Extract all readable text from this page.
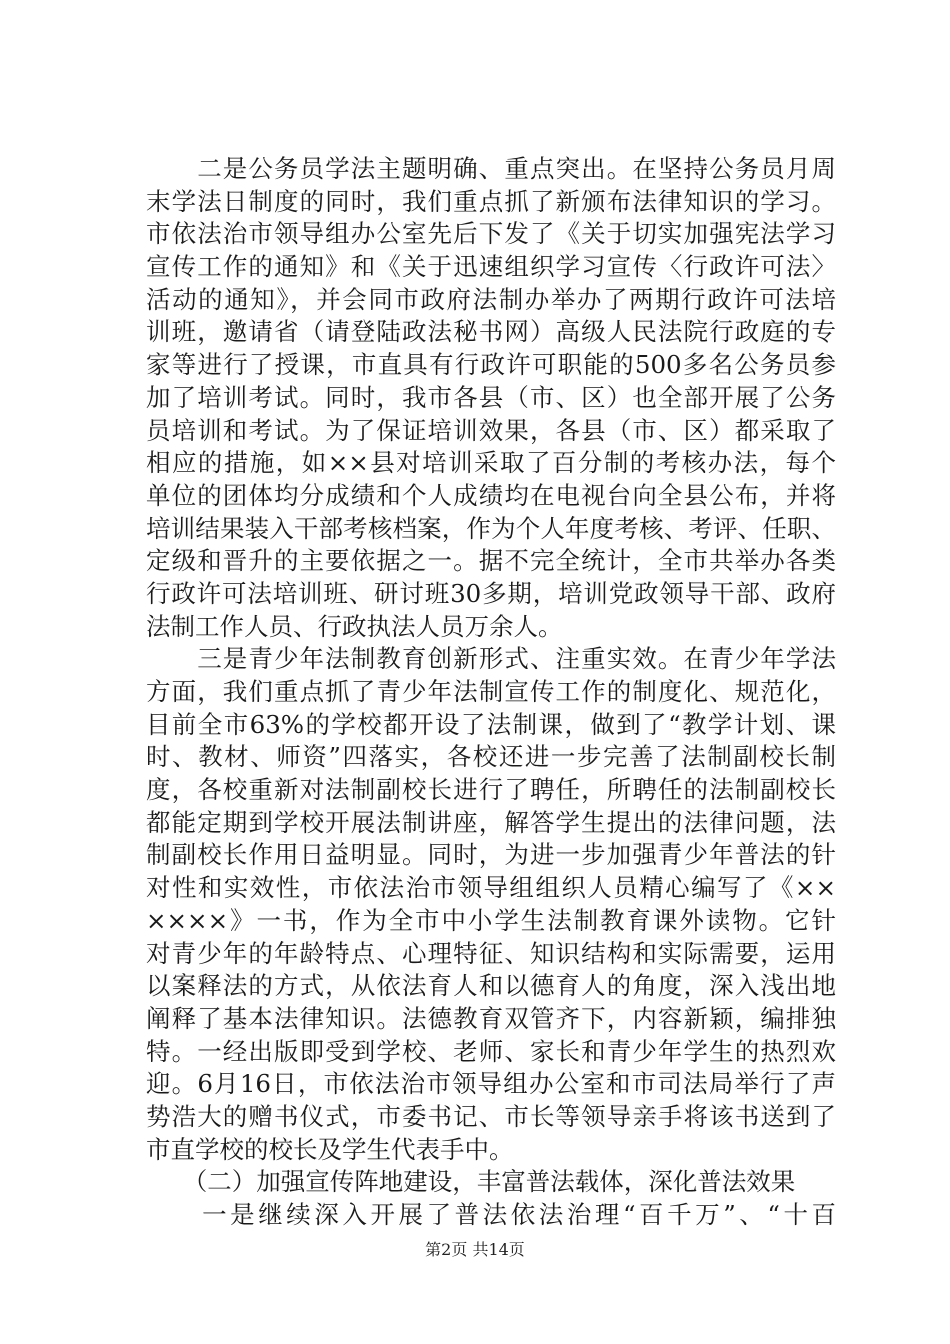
　　二是公务员学法主题明确、重点突出。在坚持公务员月周
末学法日制度的同时，我们重点抓了新颁布法律知识的学习。
市依法治市领导组办公室先后下发了《关于切实加强宪法学习
宣传工作的通知》和《关于迅速组织学习宣传〈行政许可法〉
活动的通知》，并会同市政府法制办举办了两期行政许可法培
训班，邀请省（请登陆政法秘书网）高级人民法院行政庭的专
家等进行了授课，市直具有行政许可职能的500多名公务员参
加了培训考试。同时，我市各县（市、区）也全部开展了公务
员培训和考试。为了保证培训效果，各县（市、区）都采取了
相应的措施，如××县对培训采取了百分制的考核办法，每个
单位的团体均分成绩和个人成绩均在电视台向全县公布，并将
培训结果装入干部考核档案，作为个人年度考核、考评、任职、
定级和晋升的主要依据之一。据不完全统计，全市共举办各类
行政许可法培训班、研讨班30多期，培训党政领导干部、政府
法制工作人员、行政执法人员万余人。
　　三是青少年法制教育创新形式、注重实效。在青少年学法
方面，我们重点抓了青少年法制宣传工作的制度化、规范化，
目前全市63%的学校都开设了法制课，做到了“教学计划、课
时、教材、师资”四落实，各校还进一步完善了法制副校长制
度，各校重新对法制副校长进行了聘任，所聘任的法制副校长
都能定期到学校开展法制讲座，解答学生提出的法律问题，法
制副校长作用日益明显。同时，为进一步加强青少年普法的针
对性和实效性，市依法治市领导组组织人员精心编写了《××
××××》一书，作为全市中小学生法制教育课外读物。它针
对青少年的年龄特点、心理特征、知识结构和实际需要，运用
以案释法的方式，从依法育人和以德育人的角度，深入浅出地
阐释了基本法律知识。法德教育双管齐下，内容新颖，编排独
特。一经出版即受到学校、老师、家长和青少年学生的热烈欢
迎。6月16日，市依法治市领导组办公室和市司法局举行了声
势浩大的赠书仪式，市委书记、市长等领导亲手将该书送到了
市直学校的校长及学生代表手中。
　　（二）加强宣传阵地建设，丰富普法载体，深化普法效果
　　一是继续深入开展了普法依法治理“百千万”、“十百
第2页 共14页
